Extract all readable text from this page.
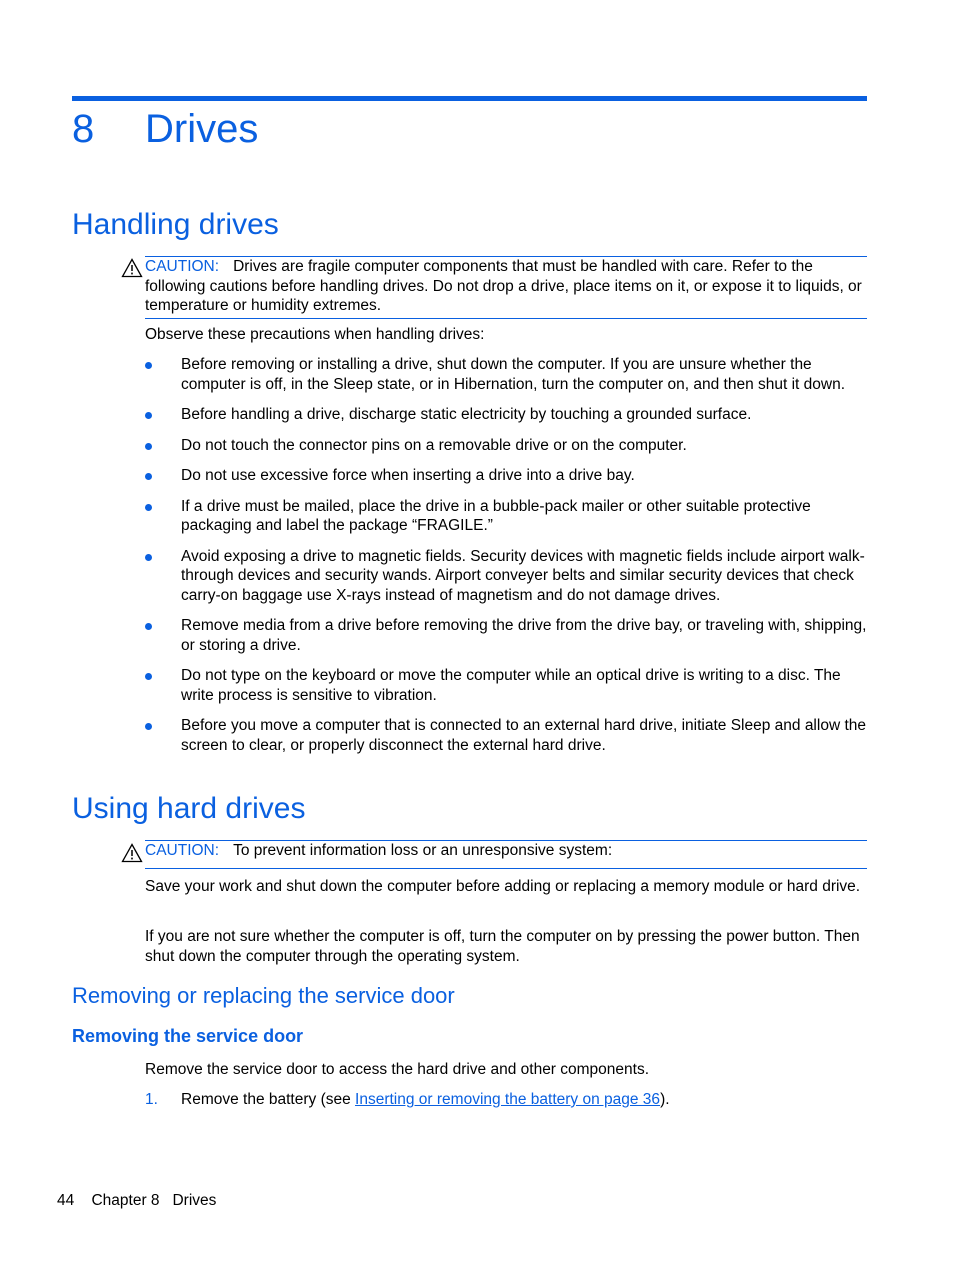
8 Drives
Handling drives
CAUTION: Drives are fragile computer components that must be handled with care. Refer to the following cautions before handling drives. Do not drop a drive, place items on it, or expose it to liquids, or temperature or humidity extremes.
Observe these precautions when handling drives:
Before removing or installing a drive, shut down the computer. If you are unsure whether the computer is off, in the Sleep state, or in Hibernation, turn the computer on, and then shut it down.
Before handling a drive, discharge static electricity by touching a grounded surface.
Do not touch the connector pins on a removable drive or on the computer.
Do not use excessive force when inserting a drive into a drive bay.
If a drive must be mailed, place the drive in a bubble-pack mailer or other suitable protective packaging and label the package “FRAGILE.”
Avoid exposing a drive to magnetic fields. Security devices with magnetic fields include airport walk-through devices and security wands. Airport conveyer belts and similar security devices that check carry-on baggage use X-rays instead of magnetism and do not damage drives.
Remove media from a drive before removing the drive from the drive bay, or traveling with, shipping, or storing a drive.
Do not type on the keyboard or move the computer while an optical drive is writing to a disc. The write process is sensitive to vibration.
Before you move a computer that is connected to an external hard drive, initiate Sleep and allow the screen to clear, or properly disconnect the external hard drive.
Using hard drives
CAUTION: To prevent information loss or an unresponsive system:
Save your work and shut down the computer before adding or replacing a memory module or hard drive.
If you are not sure whether the computer is off, turn the computer on by pressing the power button. Then shut down the computer through the operating system.
Removing or replacing the service door
Removing the service door
Remove the service door to access the hard drive and other components.
1. Remove the battery (see Inserting or removing the battery on page 36).
44 Chapter 8 Drives
